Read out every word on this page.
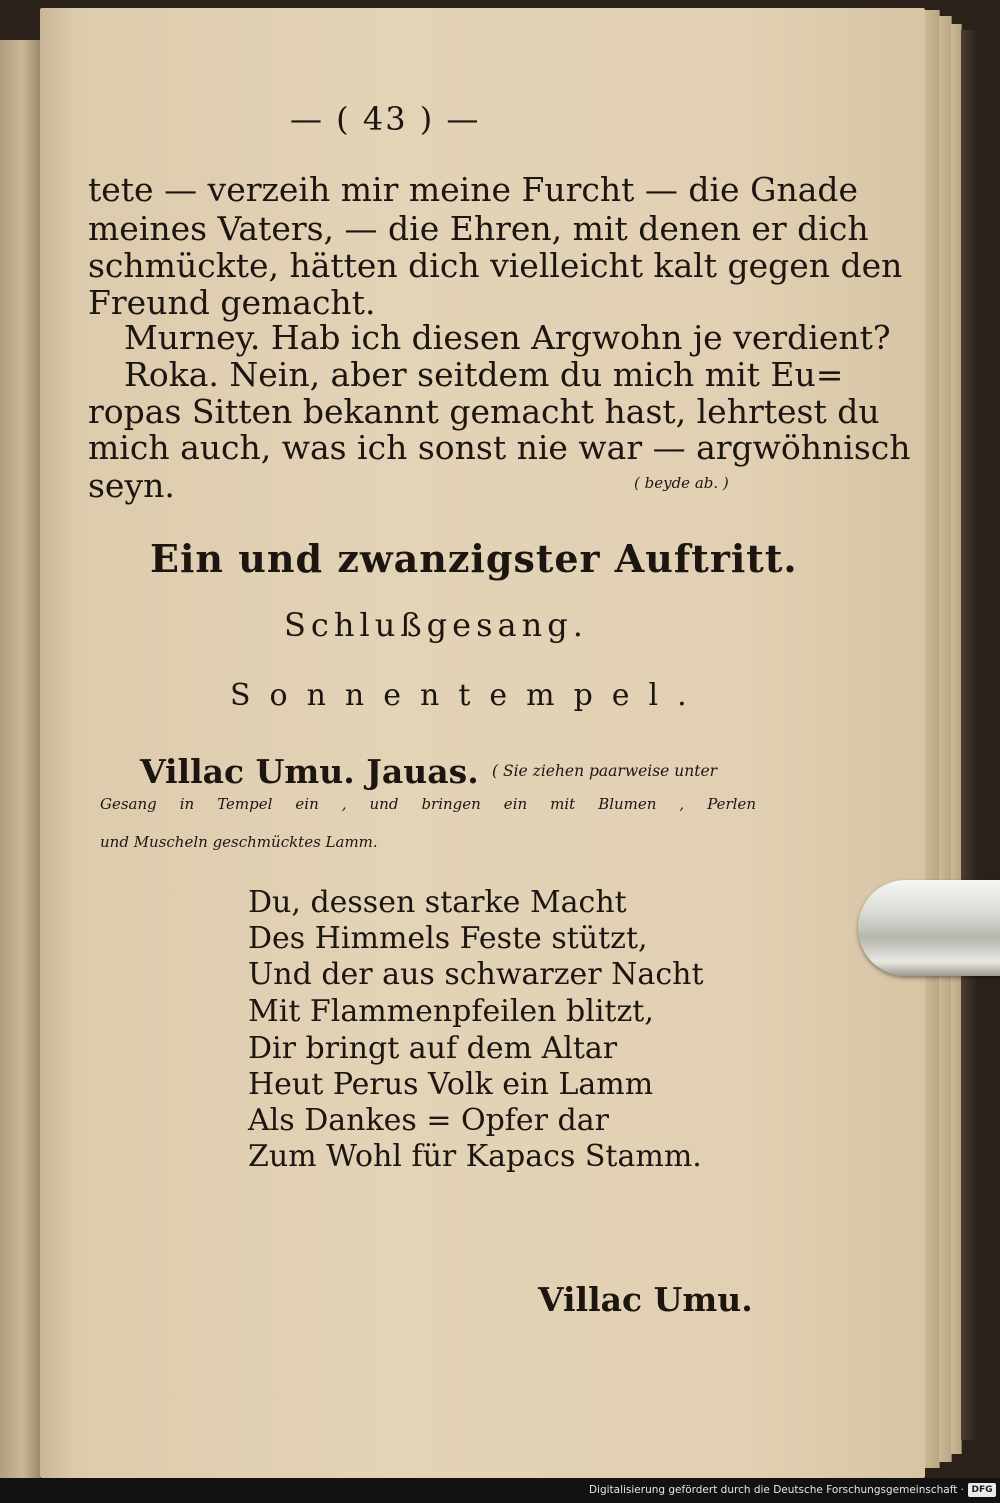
— ( 43 ) —
tete — verzeih mir meine Furcht — die Gnade
meines Vaters, — die Ehren, mit denen er dich
schmückte, hätten dich vielleicht kalt gegen den
Freund gemacht.
Murney. Hab ich diesen Argwohn je verdient?
Roka. Nein, aber seitdem du mich mit Eu=
ropas Sitten bekannt gemacht hast, lehrtest du
mich auch, was ich sonst nie war — argwöhnisch
seyn.	( beyde ab. )
Ein und zwanzigster Auftritt.
Schlußgesang.
Sonnentempel.
Villac Umu. Jauas. ( Sie ziehen paarweise unter
Gesang in Tempel ein , und bringen ein mit Blumen , Perlen
und Muscheln geschmücktes Lamm.
Du, dessen starke Macht
Des Himmels Feste stützt,
Und der aus schwarzer Nacht
Mit Flammenpfeilen blitzt,
Dir bringt auf dem Altar
Heut Perus Volk ein Lamm
Als Dankes = Opfer dar
Zum Wohl für Kapacs Stamm.
Villac Umu.
Digitalisierung gefördert durch die Deutsche Forschungsgemeinschaft · DFG
